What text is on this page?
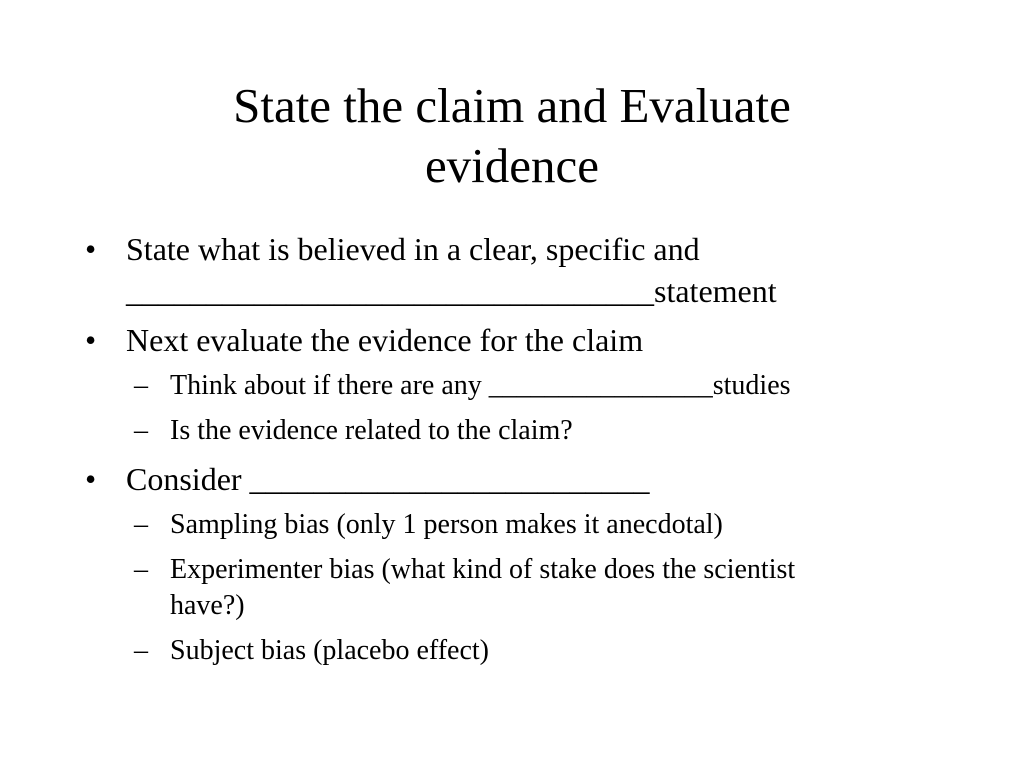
State the claim and Evaluate
evidence
• State what is believed in a clear, specific and
_________________________________statement
• Next evaluate the evidence for the claim
– Think about if there are any ________________studies
– Is the evidence related to the claim?
• Consider _________________________
– Sampling bias (only 1 person makes it anecdotal)
– Experimenter bias (what kind of stake does the scientist
have?)
– Subject bias (placebo effect)
